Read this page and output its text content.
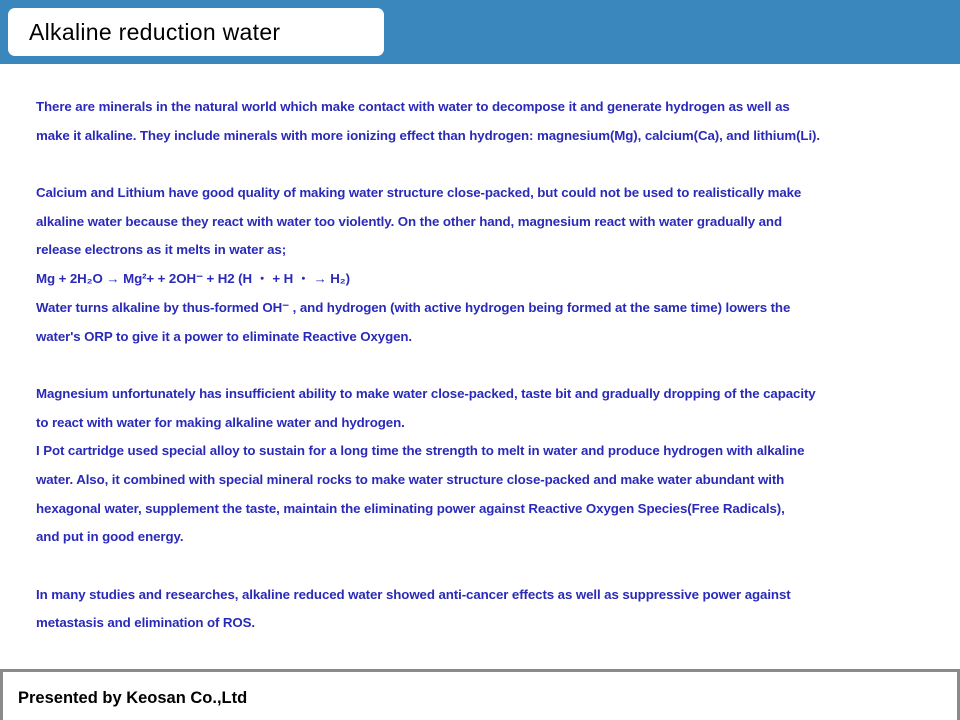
Alkaline reduction water
There are minerals in the natural world which make contact with water to decompose it and generate hydrogen as well as
make it alkaline. They include minerals with more ionizing effect than hydrogen: magnesium(Mg), calcium(Ca), and lithium(Li).
Calcium and Lithium have good quality of making water structure close-packed, but could not be used to realistically make
alkaline water because they react with water too violently. On the other hand, magnesium react with water gradually and
release electrons as it melts in water as;
Mg + 2H₂O → Mg²+ + 2OH⁻ + H2 (H ・ + H ・ → H₂)
Water turns alkaline by thus-formed OH⁻ , and hydrogen (with active hydrogen being formed at the same time) lowers the
water's ORP to give it a power to eliminate Reactive Oxygen.
Magnesium unfortunately has insufficient ability to make water close-packed, taste bit and gradually dropping of the capacity
to react with water for making alkaline water and hydrogen.
I Pot cartridge used special alloy to sustain for a long time the strength to melt in water and produce hydrogen with alkaline
water. Also, it combined with special mineral rocks to make water structure close-packed and make water abundant with
hexagonal water, supplement the taste, maintain the eliminating power against Reactive Oxygen Species(Free Radicals),
and put in good energy.
In many studies and researches, alkaline reduced water showed anti-cancer effects as well as suppressive power against
metastasis and elimination of ROS.
Presented by Keosan Co.,Ltd
